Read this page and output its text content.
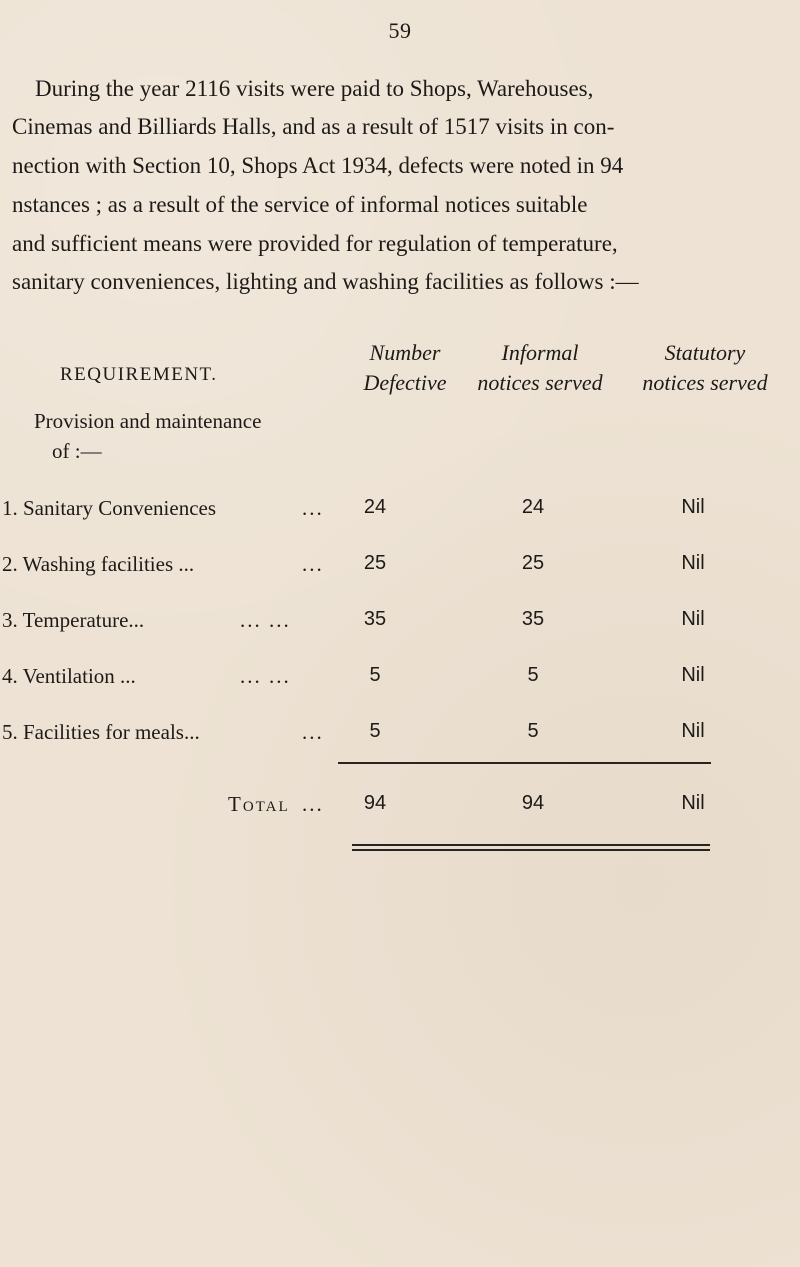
59
During the year 2116 visits were paid to Shops, Warehouses,
Cinemas and Billiards Halls, and as a result of 1517 visits in con-
nection with Section 10, Shops Act 1934, defects were noted in 94
nstances ; as a result of the service of informal notices suitable
and sufficient means were provided for regulation of temperature,
sanitary conveniences, lighting and washing facilities as follows :—
REQUIREMENT.
Number
Defective
Informal
notices served
Statutory
notices served
Provision and maintenance
of :—
1. Sanitary Conveniences	...	24	24	Nil
2. Washing facilities ...	...	25	25	Nil
3. Temperature...	... ...	35	35	Nil
4. Ventilation ...	... ...	5	5	Nil
5. Facilities for meals...	...	5	5	Nil
Total ...	94	94	Nil
